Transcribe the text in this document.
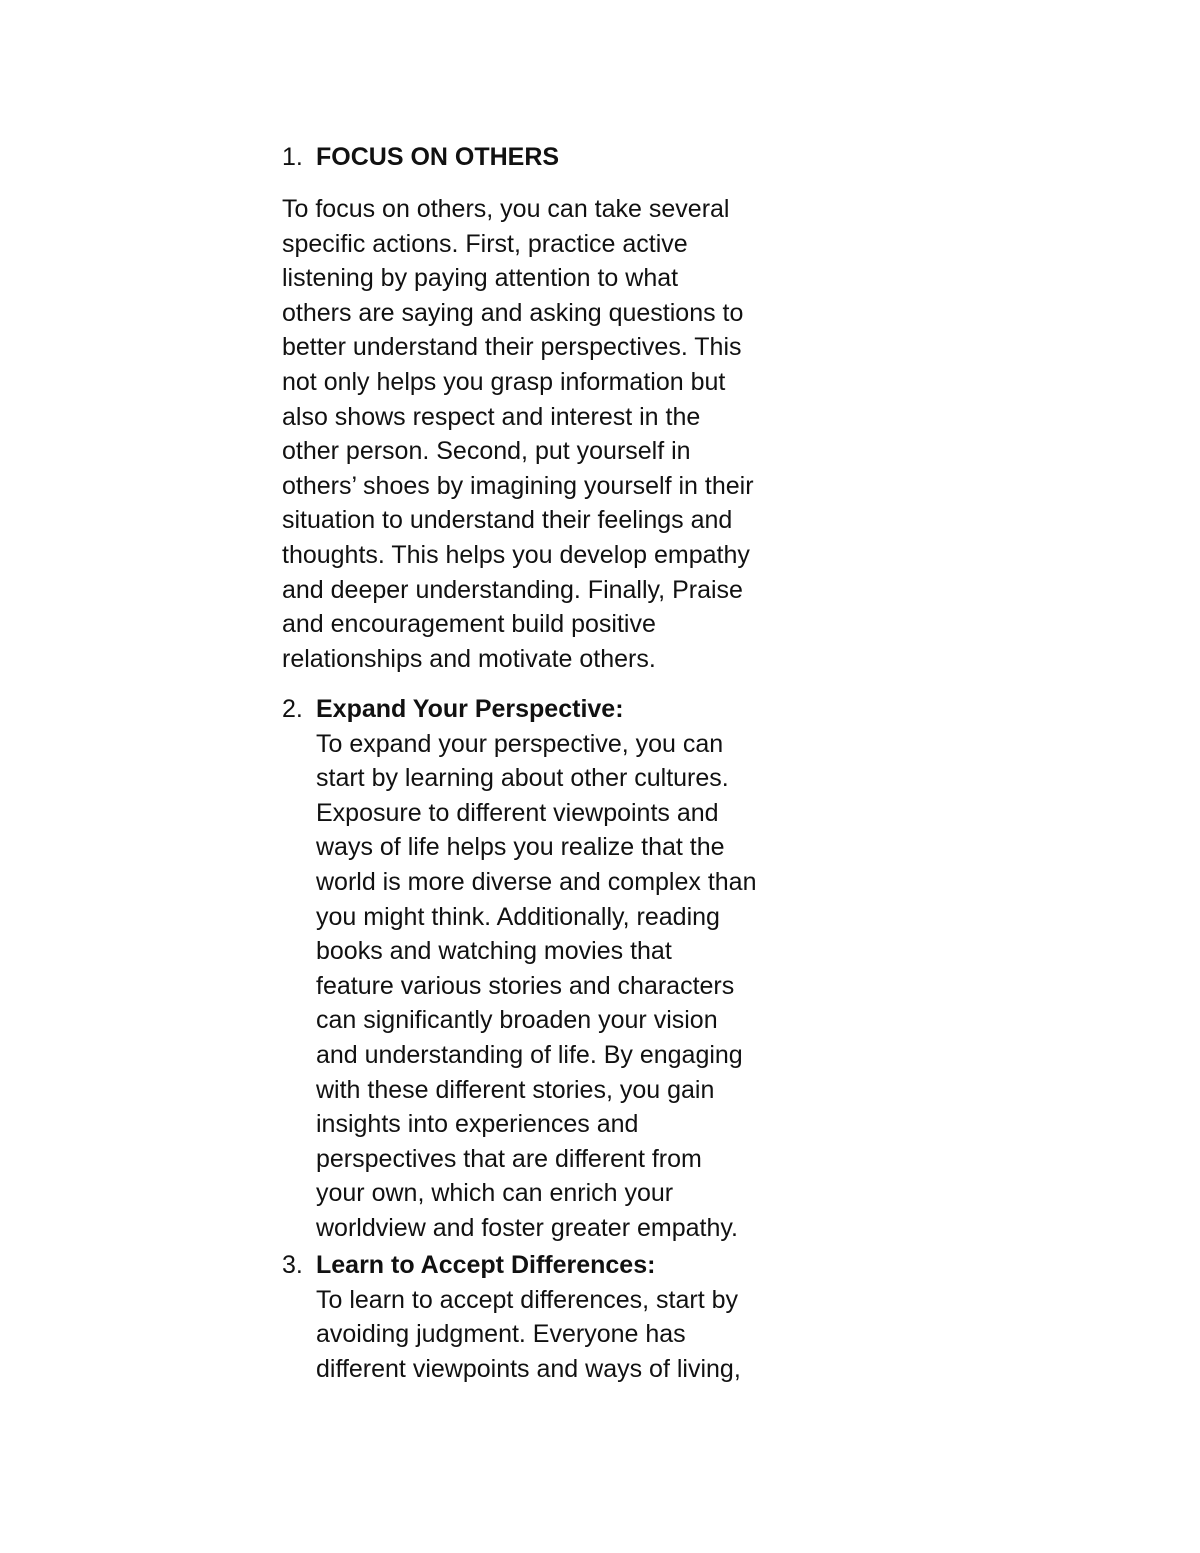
1. FOCUS ON OTHERS
To focus on others, you can take several
specific actions. First, practice active
listening by paying attention to what
others are saying and asking questions to
better understand their perspectives. This
not only helps you grasp information but
also shows respect and interest in the
other person. Second, put yourself in
others’ shoes by imagining yourself in their
situation to understand their feelings and
thoughts. This helps you develop empathy
and deeper understanding. Finally, Praise
and encouragement build positive
relationships and motivate others.
2. Expand Your Perspective:
To expand your perspective, you can
start by learning about other cultures.
Exposure to different viewpoints and
ways of life helps you realize that the
world is more diverse and complex than
you might think. Additionally, reading
books and watching movies that
feature various stories and characters
can significantly broaden your vision
and understanding of life. By engaging
with these different stories, you gain
insights into experiences and
perspectives that are different from
your own, which can enrich your
worldview and foster greater empathy.
3. Learn to Accept Differences:
To learn to accept differences, start by
avoiding judgment. Everyone has
different viewpoints and ways of living,
